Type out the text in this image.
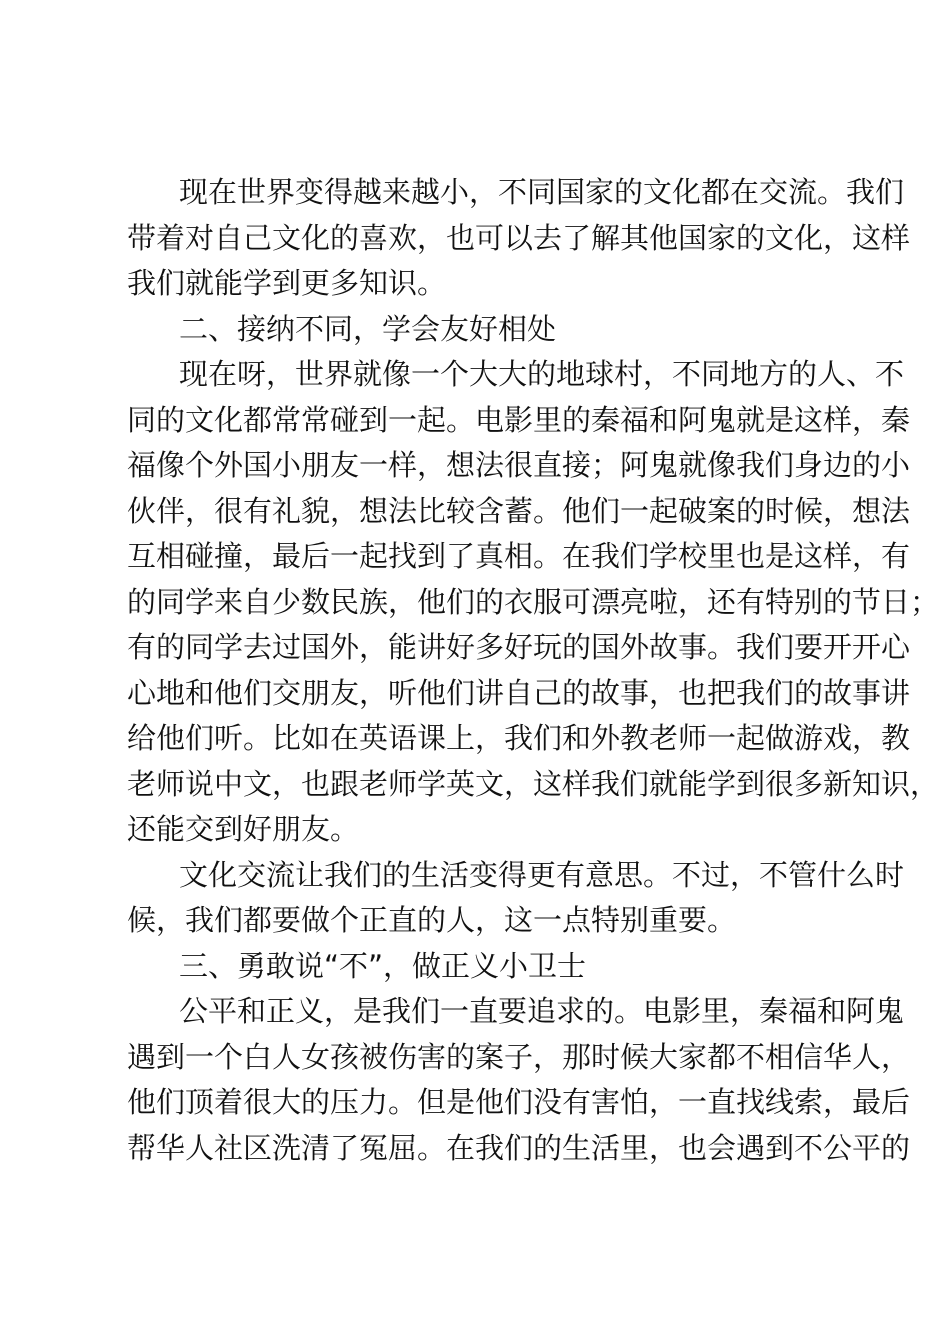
现在世界变得越来越小，不同国家的文化都在交流。我们

带着对自己文化的喜欢，也可以去了解其他国家的文化，这样

我们就能学到更多知识。

二、接纳不同，学会友好相处

现在呀，世界就像一个大大的地球村，不同地方的人、不

同的文化都常常碰到一起。电影里的秦福和阿鬼就是这样，秦

福像个外国小朋友一样，想法很直接；阿鬼就像我们身边的小

伙伴，很有礼貌，想法比较含蓄。他们一起破案的时候，想法

互相碰撞，最后一起找到了真相。在我们学校里也是这样，有

的同学来自少数民族，他们的衣服可漂亮啦，还有特别的节日；

有的同学去过国外，能讲好多好玩的国外故事。我们要开开心

心地和他们交朋友，听他们讲自己的故事，也把我们的故事讲

给他们听。比如在英语课上，我们和外教老师一起做游戏，教

老师说中文，也跟老师学英文，这样我们就能学到很多新知识，

还能交到好朋友。

文化交流让我们的生活变得更有意思。不过，不管什么时

候，我们都要做个正直的人，这一点特别重要。

三、勇敢说“不”，做正义小卫士

公平和正义，是我们一直要追求的。电影里，秦福和阿鬼

遇到一个白人女孩被伤害的案子，那时候大家都不相信华人，

他们顶着很大的压力。但是他们没有害怕，一直找线索，最后

帮华人社区洗清了冤屈。在我们的生活里，也会遇到不公平的
